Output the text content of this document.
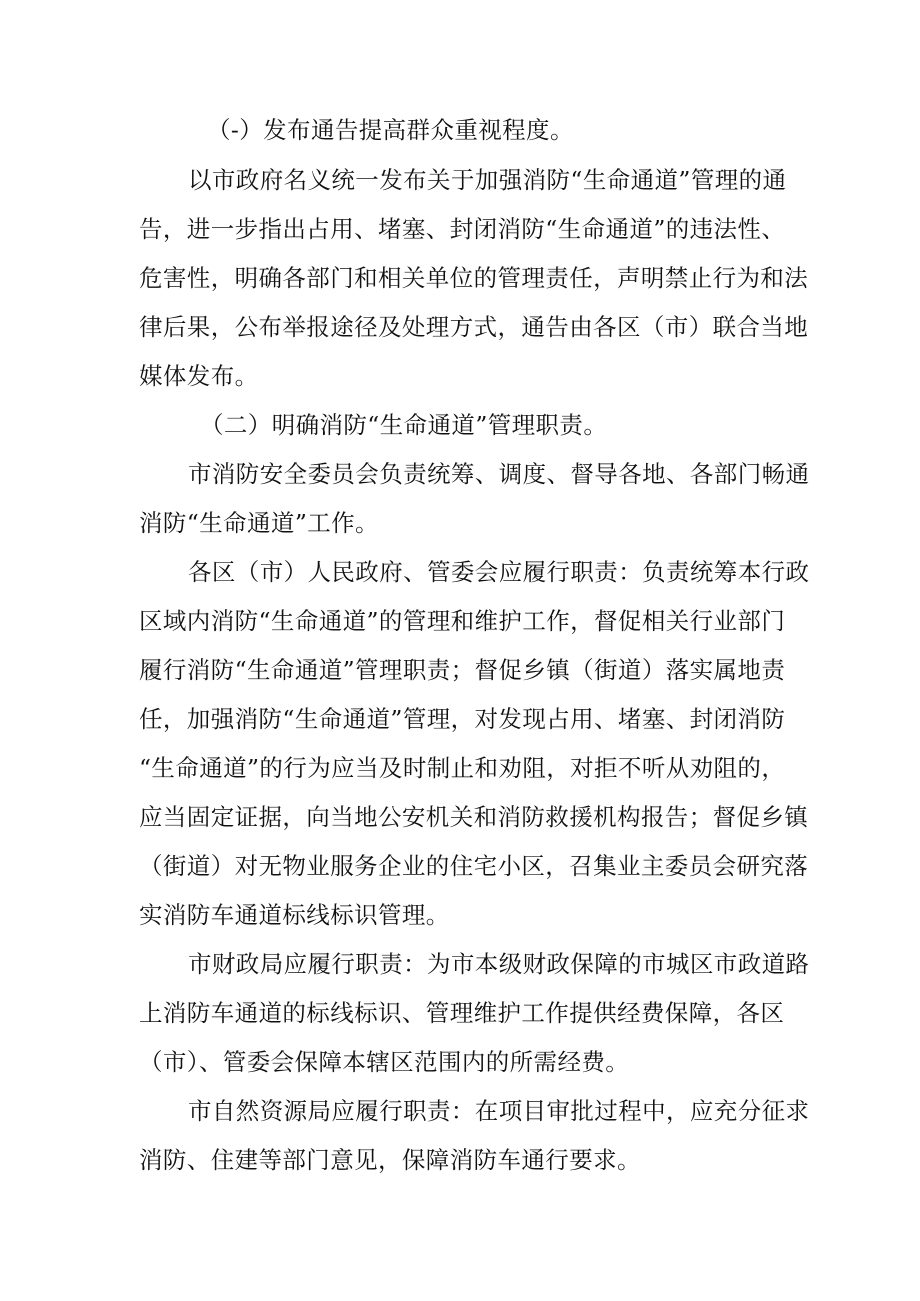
（-）发布通告提高群众重视程度。
以市政府名义统一发布关于加强消防“生命通道”管理的通
告，进一步指出占用、堵塞、封闭消防“生命通道”的违法性、
危害性，明确各部门和相关单位的管理责任，声明禁止行为和法
律后果，公布举报途径及处理方式，通告由各区（市）联合当地
媒体发布。
（二）明确消防“生命通道”管理职责。
市消防安全委员会负责统筹、调度、督导各地、各部门畅通
消防“生命通道”工作。
各区（市）人民政府、管委会应履行职责：负责统筹本行政
区域内消防“生命通道”的管理和维护工作，督促相关行业部门
履行消防“生命通道”管理职责；督促乡镇（街道）落实属地责
任，加强消防“生命通道”管理，对发现占用、堵塞、封闭消防
“生命通道”的行为应当及时制止和劝阻，对拒不听从劝阻的，
应当固定证据，向当地公安机关和消防救援机构报告；督促乡镇
（街道）对无物业服务企业的住宅小区，召集业主委员会研究落
实消防车通道标线标识管理。
市财政局应履行职责：为市本级财政保障的市城区市政道路
上消防车通道的标线标识、管理维护工作提供经费保障，各区
（市）、管委会保障本辖区范围内的所需经费。
市自然资源局应履行职责：在项目审批过程中，应充分征求
消防、住建等部门意见，保障消防车通行要求。
